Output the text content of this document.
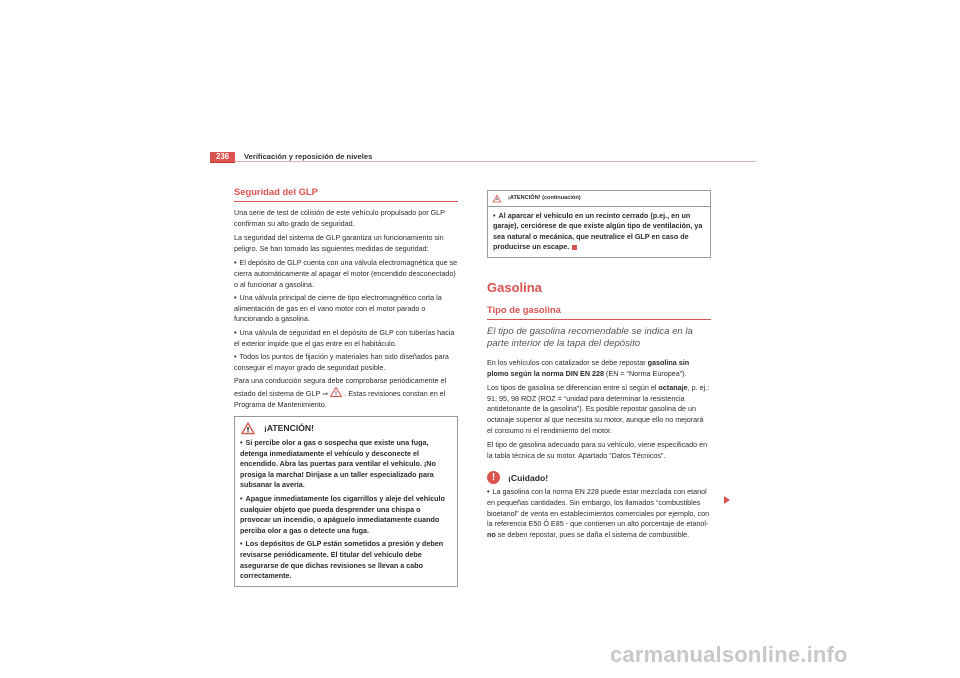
236	Verificación y reposición de niveles
Seguridad del GLP

Una serie de test de colisión de este vehículo propulsado por GLP confirman su alto grado de seguridad.

La seguridad del sistema de GLP garantiza un funcionamiento sin peligro. Se han tomado las siguientes medidas de seguridad:

• El depósito de GLP cuenta con una válvula electromagnética que se cierra automáticamente al apagar el motor (encendido desconectado) o al funcionar a gasolina.

• Una válvula principal de cierre de tipo electromagnético corta la alimentación de gas en el vano motor con el motor parado o funcionando a gasolina.

• Una válvula de seguridad en el depósito de GLP con tuberías hacia el exterior impide que el gas entre en el habitáculo.

• Todos los puntos de fijación y materiales han sido diseñados para conseguir el mayor grado de seguridad posible.

Para una conducción segura debe comprobarse periódicamente el estado del sistema de GLP ⇒ ! . Estas revisiones constan en el Programa de Mantenimiento.

¡ATENCIÓN!

• Si percibe olor a gas o sospecha que existe una fuga, detenga inmediatamente el vehículo y desconecte el encendido. Abra las puertas para ventilar el vehículo. ¡No prosiga la marcha! Diríjase a un taller especializado para subsanar la avería.

• Apague inmediatamente los cigarrillos y aleje del vehículo cualquier objeto que pueda desprender una chispa o provocar un incendio, o apáguelo inmediatamente cuando perciba olor a gas o detecte una fuga.

• Los depósitos de GLP están sometidos a presión y deben revisarse periódicamente. El titular del vehículo debe asegurarse de que dichas revisiones se llevan a cabo correctamente.

¡ATENCIÓN! (continuación)

• Al aparcar el vehículo en un recinto cerrado (p.ej., en un garaje), cerciórese de que existe algún tipo de ventilación, ya sea natural o mecánica, que neutralice el GLP en caso de producirse un escape.

Gasolina
Tipo de gasolina
El tipo de gasolina recomendable se indica en la parte interior de la tapa del depósito

En los vehículos con catalizador se debe repostar gasolina sin plomo según la norma DIN EN 228 (EN = “Norma Europea”).

Los tipos de gasolina se diferencian entre sí según el octanaje, p. ej.: 91, 95, 98 ROZ (ROZ = “unidad para determinar la resistencia antidetonante de la gasolina”). Es posible repostar gasolina de un octanaje superior al que necesita su motor, aunque ello no mejorará el consumo ni el rendimiento del motor.

El tipo de gasolina adecuado para su vehículo, viene especificado en la tabla técnica de su motor. Apartado “Datos Técnicos”.

!	¡Cuidado!

• La gasolina con la norma EN 228 puede estar mezclada con etanol en pequeñas cantidades. Sin embargo, los llamados “combustibles bioetanol” de venta en establecimientos comerciales por ejemplo, con la referencia E50 Ó E85 - que contienen un alto porcentaje de etanol- no se deben repostar, pues se daña el sistema de combustible.

carmanualsonline.info
